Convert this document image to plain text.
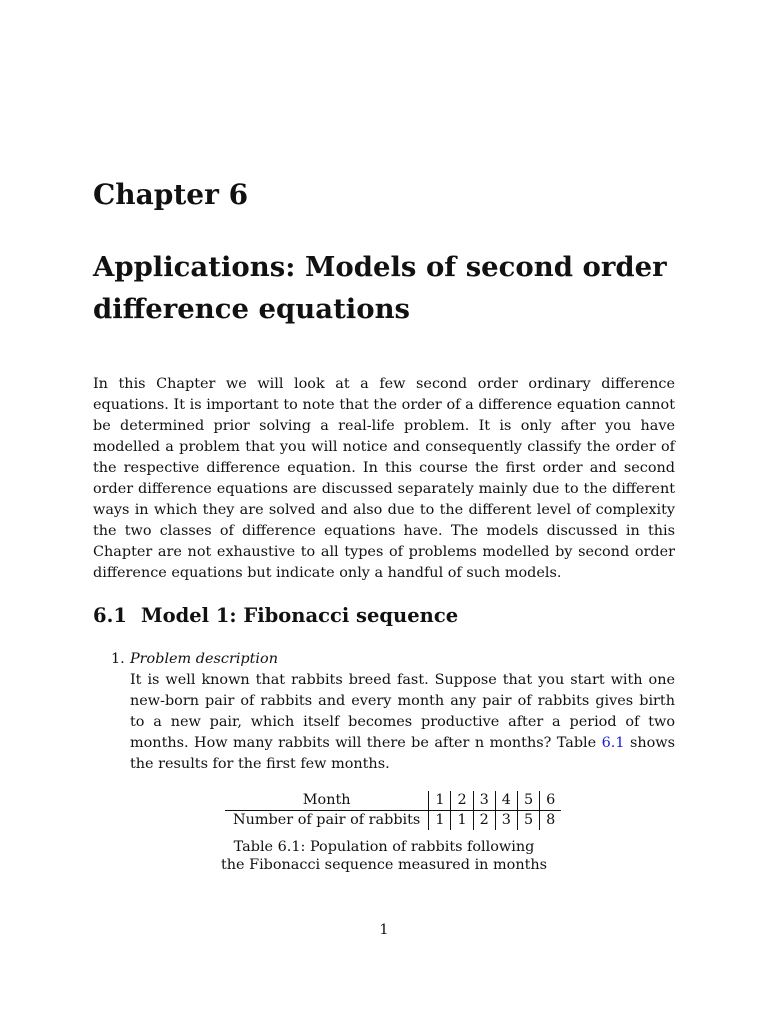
Chapter 6
Applications: Models of second order difference equations

In this Chapter we will look at a few second order ordinary difference equations. It is important to note that the order of a difference equation cannot be determined prior solving a real-life problem. It is only after you have modelled a problem that you will notice and consequently classify the order of the respective difference equation. In this course the first order and second order difference equations are discussed separately mainly due to the different ways in which they are solved and also due to the different level of complexity the two classes of difference equations have. The models discussed in this Chapter are not exhaustive to all types of problems modelled by second order difference equations but indicate only a handful of such models.

6.1 Model 1: Fibonacci sequence
1. Problem description
It is well known that rabbits breed fast. Suppose that you start with one new-born pair of rabbits and every month any pair of rabbits gives birth to a new pair, which itself becomes productive after a period of two months. How many rabbits will there be after n months? Table 6.1 shows the results for the first few months.
Month	1	2	3	4	5	6
Number of pair of rabbits	1	1	2	3	5	8
Table 6.1: Population of rabbits following
the Fibonacci sequence measured in months
1
